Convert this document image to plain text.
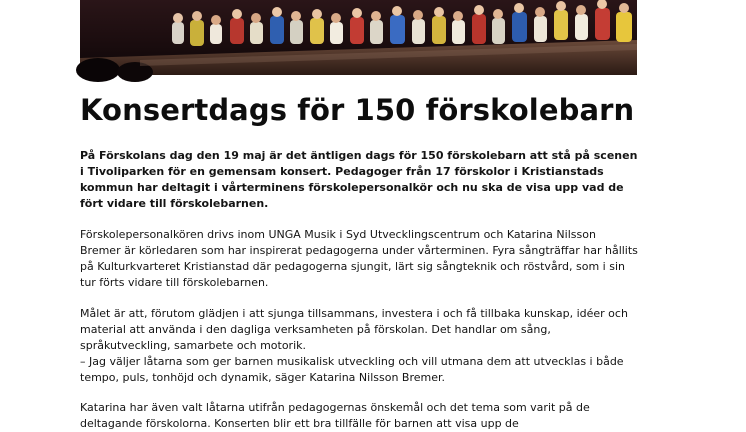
Konsertdags för 150 förskolebarn

På Förskolans dag den 19 maj är det äntligen dags för 150 förskolebarn att stå på scenen i Tivoliparken för en gemensam konsert. Pedagoger från 17 förskolor i Kristianstads kommun har deltagit i vårterminens förskolepersonalkör och nu ska de visa upp vad de fört vidare till förskolebarnen.

Förskolepersonalkören drivs inom UNGA Musik i Syd Utvecklingscentrum och Katarina Nilsson Bremer är körledaren som har inspirerat pedagogerna under vårterminen. Fyra sångträffar har hållits på Kulturkvarteret Kristianstad där pedagogerna sjungit, lärt sig sångteknik och röstvård, som i sin tur förts vidare till förskolebarnen.

Målet är att, förutom glädjen i att sjunga tillsammans, investera i och få tillbaka kunskap, idéer och material att använda i den dagliga verksamheten på förskolan. Det handlar om sång, språkutveckling, samarbete och motorik.

– Jag väljer låtarna som ger barnen musikalisk utveckling och vill utmana dem att utvecklas i både tempo, puls, tonhöjd och dynamik, säger Katarina Nilsson Bremer.

Katarina har även valt låtarna utifrån pedagogernas önskemål och det tema som varit på de deltagande förskolorna. Konserten blir ett bra tillfälle för barnen att visa upp de
